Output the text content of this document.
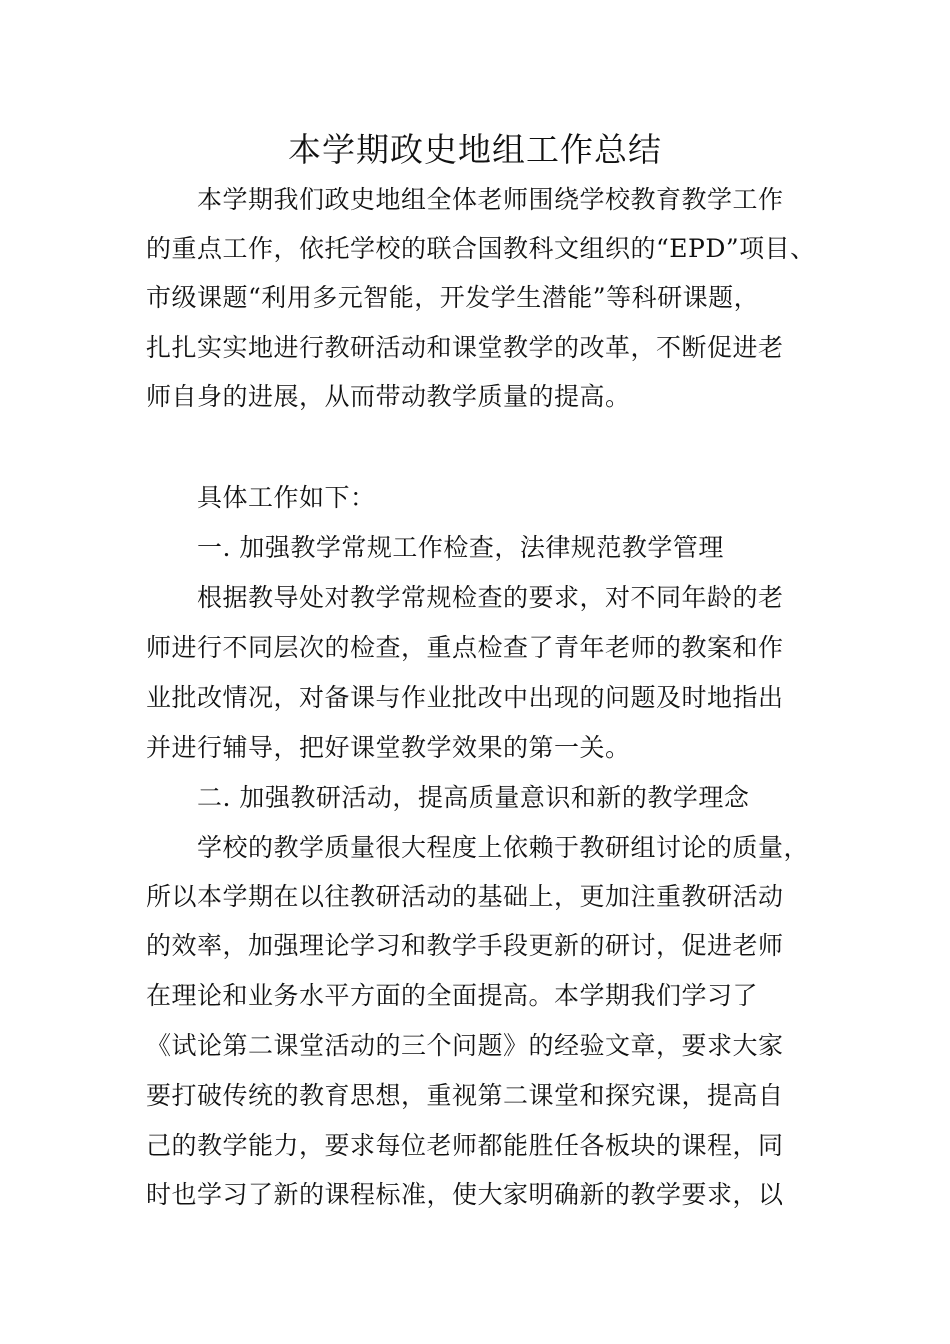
本学期政史地组工作总结
本学期我们政史地组全体老师围绕学校教育教学工作
的重点工作，依托学校的联合国教科文组织的“EPD”项目、
市级课题“利用多元智能，开发学生潜能”等科研课题，
扎扎实实地进行教研活动和课堂教学的改革，不断促进老
师自身的进展，从而带动教学质量的提高。
具体工作如下：
一. 加强教学常规工作检查，法律规范教学管理
根据教导处对教学常规检查的要求，对不同年龄的老
师进行不同层次的检查，重点检查了青年老师的教案和作
业批改情况，对备课与作业批改中出现的问题及时地指出
并进行辅导，把好课堂教学效果的第一关。
二. 加强教研活动，提高质量意识和新的教学理念
学校的教学质量很大程度上依赖于教研组讨论的质量，
所以本学期在以往教研活动的基础上，更加注重教研活动
的效率，加强理论学习和教学手段更新的研讨，促进老师
在理论和业务水平方面的全面提高。本学期我们学习了
《试论第二课堂活动的三个问题》的经验文章，要求大家
要打破传统的教育思想，重视第二课堂和探究课，提高自
己的教学能力，要求每位老师都能胜任各板块的课程，同
时也学习了新的课程标准，使大家明确新的教学要求，以
